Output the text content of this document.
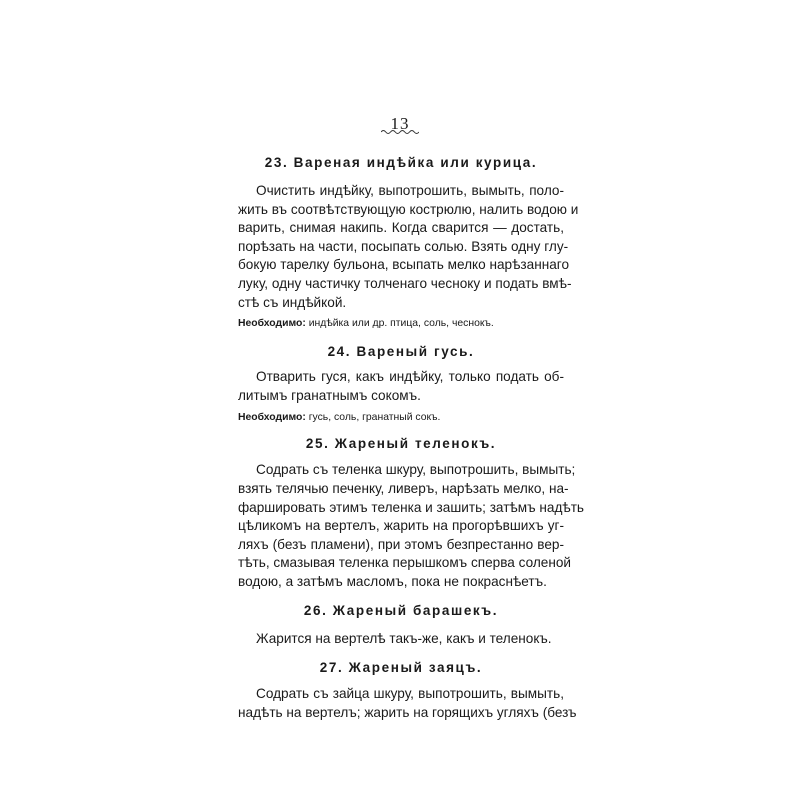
13

23. Вареная индѣйка или курица.

Очистить индѣйку, выпотрошить, вымыть, поло-
жить въ соотвѣтствующую кострюлю, налить водою и
варить, снимая накипь. Когда сварится — достать,
порѣзать на части, посыпать солью. Взять одну глу-
бокую тарелку бульона, всыпать мелко нарѣзаннаго
луку, одну частичку толченаго чесноку и подать вмѣ-
стѣ съ индѣйкой.

Необходимо: индѣйка или др. птица, соль, чеснокъ.

24. Вареный гусь.

Отварить гуся, какъ индѣйку, только подать об-
литымъ гранатнымъ сокомъ.

Необходимо: гусь, соль, гранатный сокъ.

25. Жареный теленокъ.

Содрать съ теленка шкуру, выпотрошить, вымыть;
взять телячью печенку, ливеръ, нарѣзать мелко, на-
фаршировать этимъ теленка и зашить; затѣмъ надѣть
цѣликомъ на вертелъ, жарить на прогорѣвшихъ уг-
ляхъ (безъ пламени), при этомъ безпрестанно вер-
тѣть, смазывая теленка перышкомъ сперва соленой
водою, а затѣмъ масломъ, пока не покраснѣетъ.

26. Жареный барашекъ.

Жарится на вертелѣ такъ-же, какъ и теленокъ.

27. Жареный заяцъ.

Содрать съ зайца шкуру, выпотрошить, вымыть,
надѣть на вертелъ; жарить на горящихъ угляхъ (безъ
